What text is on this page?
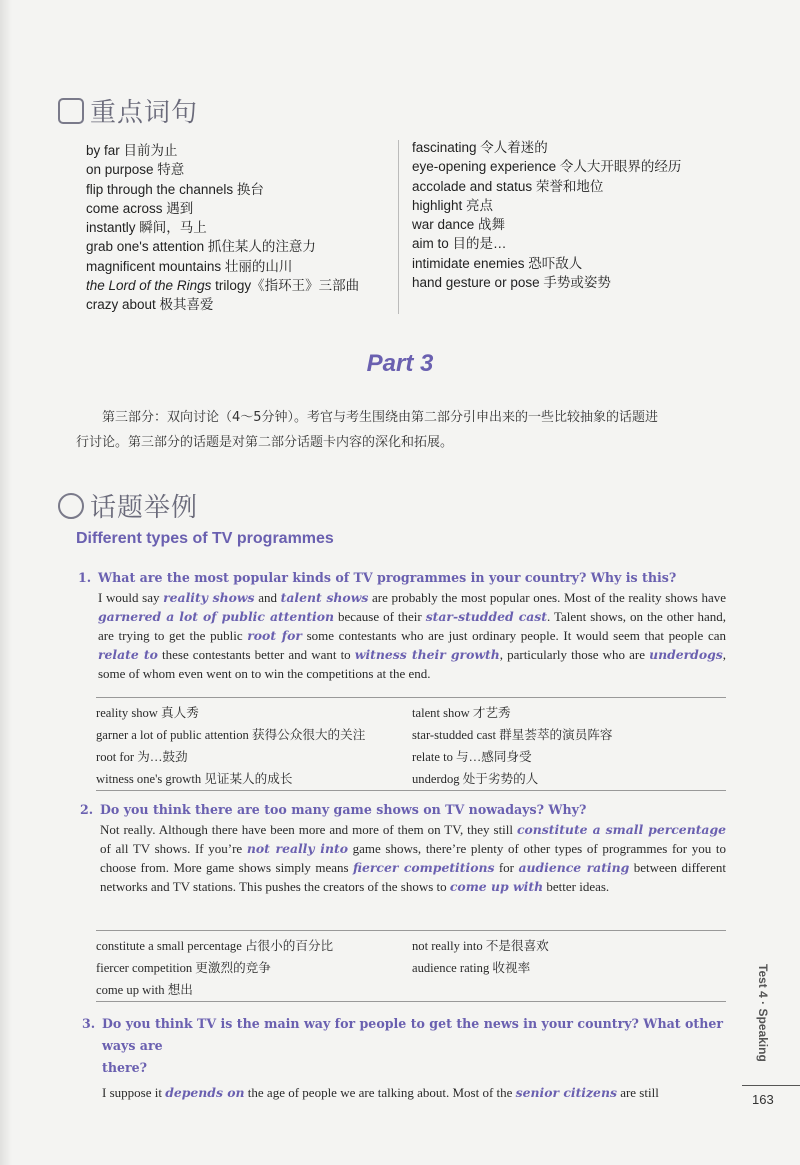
重点词句
by far 目前为止
on purpose 特意
flip through the channels 换台
come across 遇到
instantly 瞬间，马上
grab one's attention 抓住某人的注意力
magnificent mountains 壮丽的山川
the Lord of the Rings trilogy《指环王》三部曲
crazy about 极其喜爱
fascinating 令人着迷的
eye-opening experience 令人大开眼界的经历
accolade and status 荣誉和地位
highlight 亮点
war dance 战舞
aim to 目的是…
intimidate enemies 恐吓敌人
hand gesture or pose 手势或姿势
Part 3
第三部分：双向讨论（4～5分钟）。考官与考生围绕由第二部分引申出来的一些比较抽象的话题进
行讨论。第三部分的话题是对第二部分话题卡内容的深化和拓展。
话题举例
Different types of TV programmes
1. What are the most popular kinds of TV programmes in your country? Why is this?
I would say reality shows and talent shows are probably the most popular ones. Most of the reality shows have garnered a lot of public attention because of their star-studded cast. Talent shows, on the other hand, are trying to get the public root for some contestants who are just ordinary people. It would seem that people can relate to these contestants better and want to witness their growth, particularly those who are underdogs, some of whom even went on to win the competitions at the end.
reality show 真人秀	talent show 才艺秀
garner a lot of public attention 获得公众很大的关注	star-studded cast 群星荟萃的演员阵容
root for 为…鼓劲	relate to 与…感同身受
witness one's growth 见证某人的成长	underdog 处于劣势的人
2. Do you think there are too many game shows on TV nowadays? Why?
Not really. Although there have been more and more of them on TV, they still constitute a small percentage of all TV shows. If you’re not really into game shows, there’re plenty of other types of programmes for you to choose from. More game shows simply means fiercer competitions for audience rating between different networks and TV stations. This pushes the creators of the shows to come up with better ideas.
constitute a small percentage 占很小的百分比	not really into 不是很喜欢
fiercer competition 更激烈的竞争	audience rating 收视率
come up with 想出
3. Do you think TV is the main way for people to get the news in your country? What other ways are
there?
I suppose it depends on the age of people we are talking about. Most of the senior citizens are still
Test 4 · Speaking
163
